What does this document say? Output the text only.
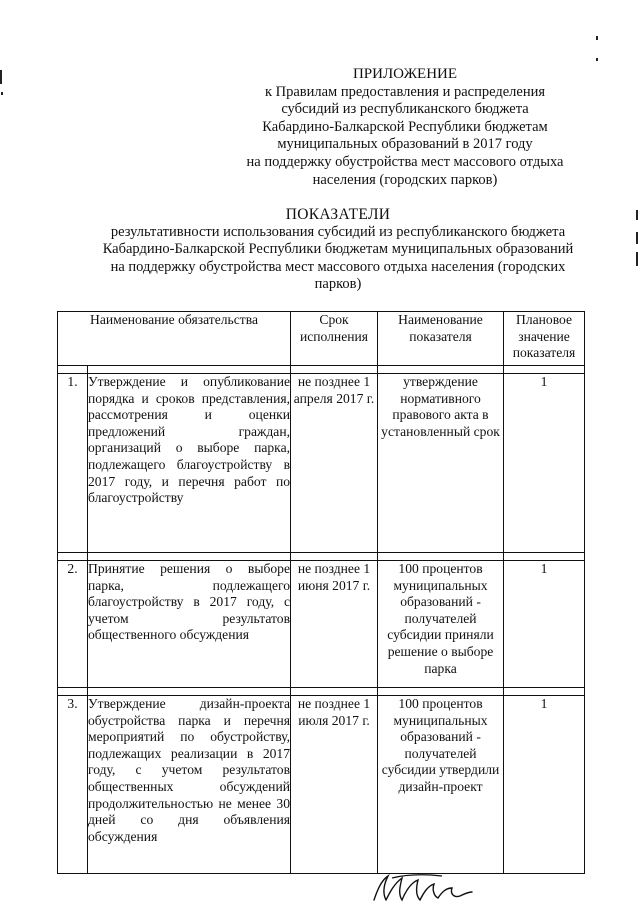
ПРИЛОЖЕНИЕ
к Правилам предоставления и распределения
субсидий из республиканского бюджета
Кабардино-Балкарской Республики бюджетам
муниципальных образований в 2017 году
на поддержку обустройства мест массового отдыха
населения (городских парков)
ПОКАЗАТЕЛИ
результативности использования субсидий из республиканского бюджета
Кабардино-Балкарской Республики бюджетам муниципальных образований
на поддержку обустройства мест массового отдыха населения (городских
парков)
Наименование обязательства		Срок исполнения	Наименование показателя	Плановое значение показателя

1.	Утверждение и опубликование порядка и сроков представления, рассмотрения и оценки предложений граждан, организаций о выборе парка, подлежащего благоустройству в 2017 году, и перечня работ по благоустройству	не позднее 1 апреля 2017 г.	утверждение нормативного правового акта в установленный срок	1

2.	Принятие решения о выборе парка, подлежащего благоустройству в 2017 году, с учетом результатов общественного обсуждения	не позднее 1 июня 2017 г.	100 процентов муниципальных образований - получателей субсидии приняли решение о выборе парка	1

3.	Утверждение дизайн-проекта обустройства парка и перечня мероприятий по обустройству, подлежащих реализации в 2017 году, с учетом результатов общественных обсуждений продолжительностью не менее 30 дней со дня объявления обсуждения	не позднее 1 июля 2017 г.	100 процентов муниципальных образований - получателей субсидии утвердили дизайн-проект	1
